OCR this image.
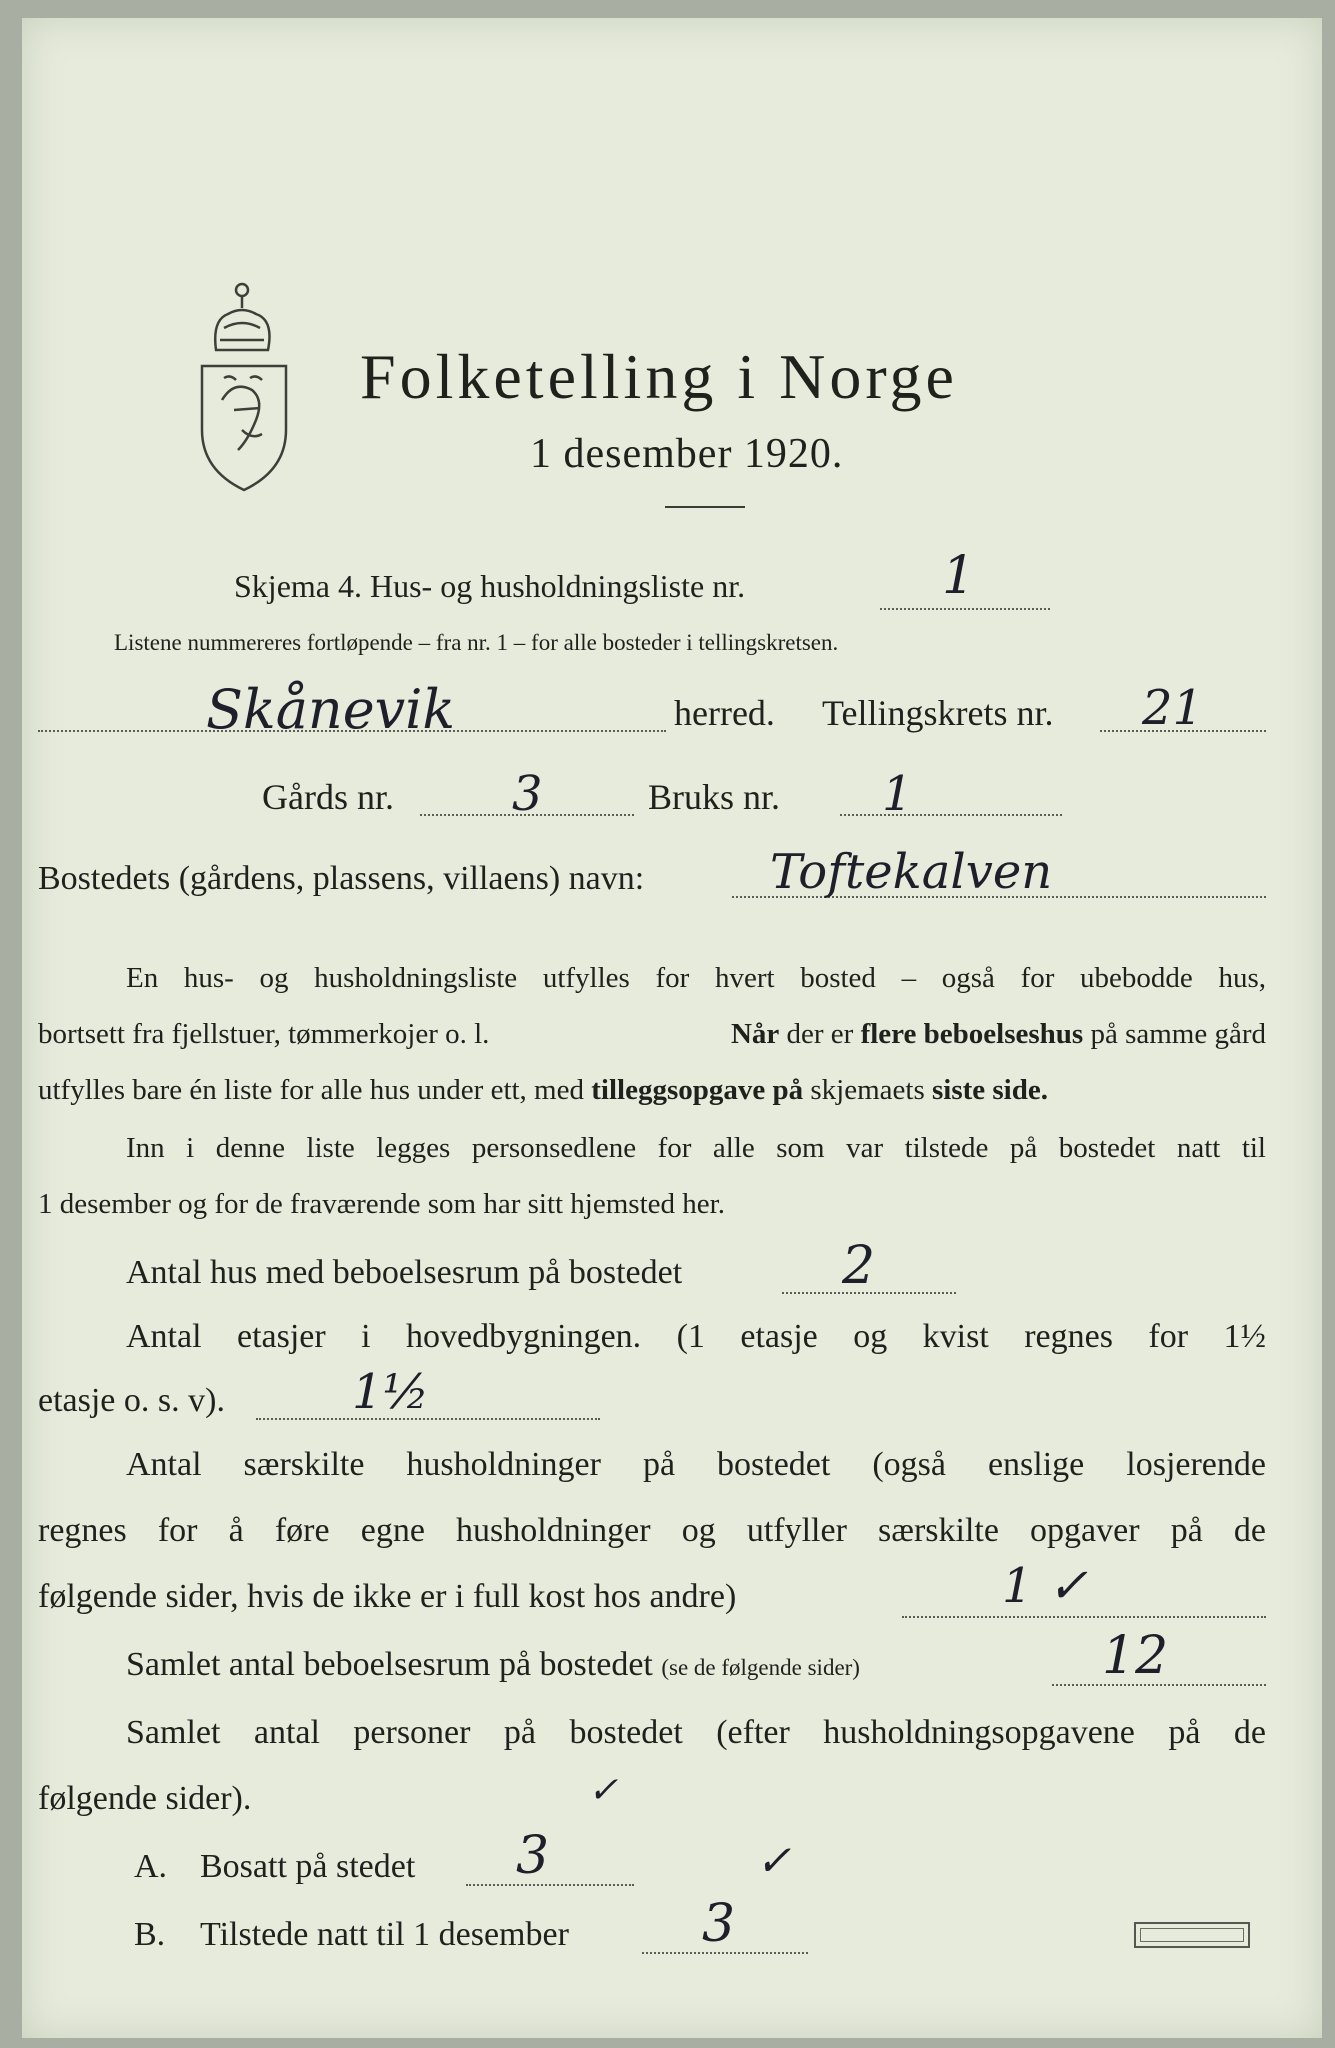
Folketelling i Norge
1 desember 1920.
Skjema 4. Hus- og husholdningsliste nr.	1
Listene nummereres fortløpende – fra nr. 1 – for alle bosteder i tellingskretsen.
Skånevik	herred. Tellingskrets nr. 21
Gårds nr. 3	Bruks nr. 1
Bostedets (gårdens, plassens, villaens) navn:	Toftekalven
En hus- og husholdningsliste utfylles for hvert bosted – også for ubebodde hus,
bortsett fra fjellstuer, tømmerkojer o. l.	Når der er flere beboelseshus på samme gård
utfylles bare én liste for alle hus under ett, med tilleggsopgave på skjemaets siste side.
Inn i denne liste legges personsedlene for alle som var tilstede på bostedet natt til
1 desember og for de fraværende som har sitt hjemsted her.
Antal hus med beboelsesrum på bostedet	2
Antal etasjer i hovedbygningen. (1 etasje og kvist regnes for 1½
etasje o. s. v).	1½
Antal særskilte husholdninger på bostedet (også enslige losjerende
regnes for å føre egne husholdninger og utfyller særskilte opgaver på de
følgende sider, hvis de ikke er i full kost hos andre)	1 ✓
Samlet antal beboelsesrum på bostedet (se de følgende sider)	12
Samlet antal personer på bostedet (efter husholdningsopgavene på de
følgende sider).	✓
A. Bosatt på stedet 3	✓
B. Tilstede natt til 1 desember	3
